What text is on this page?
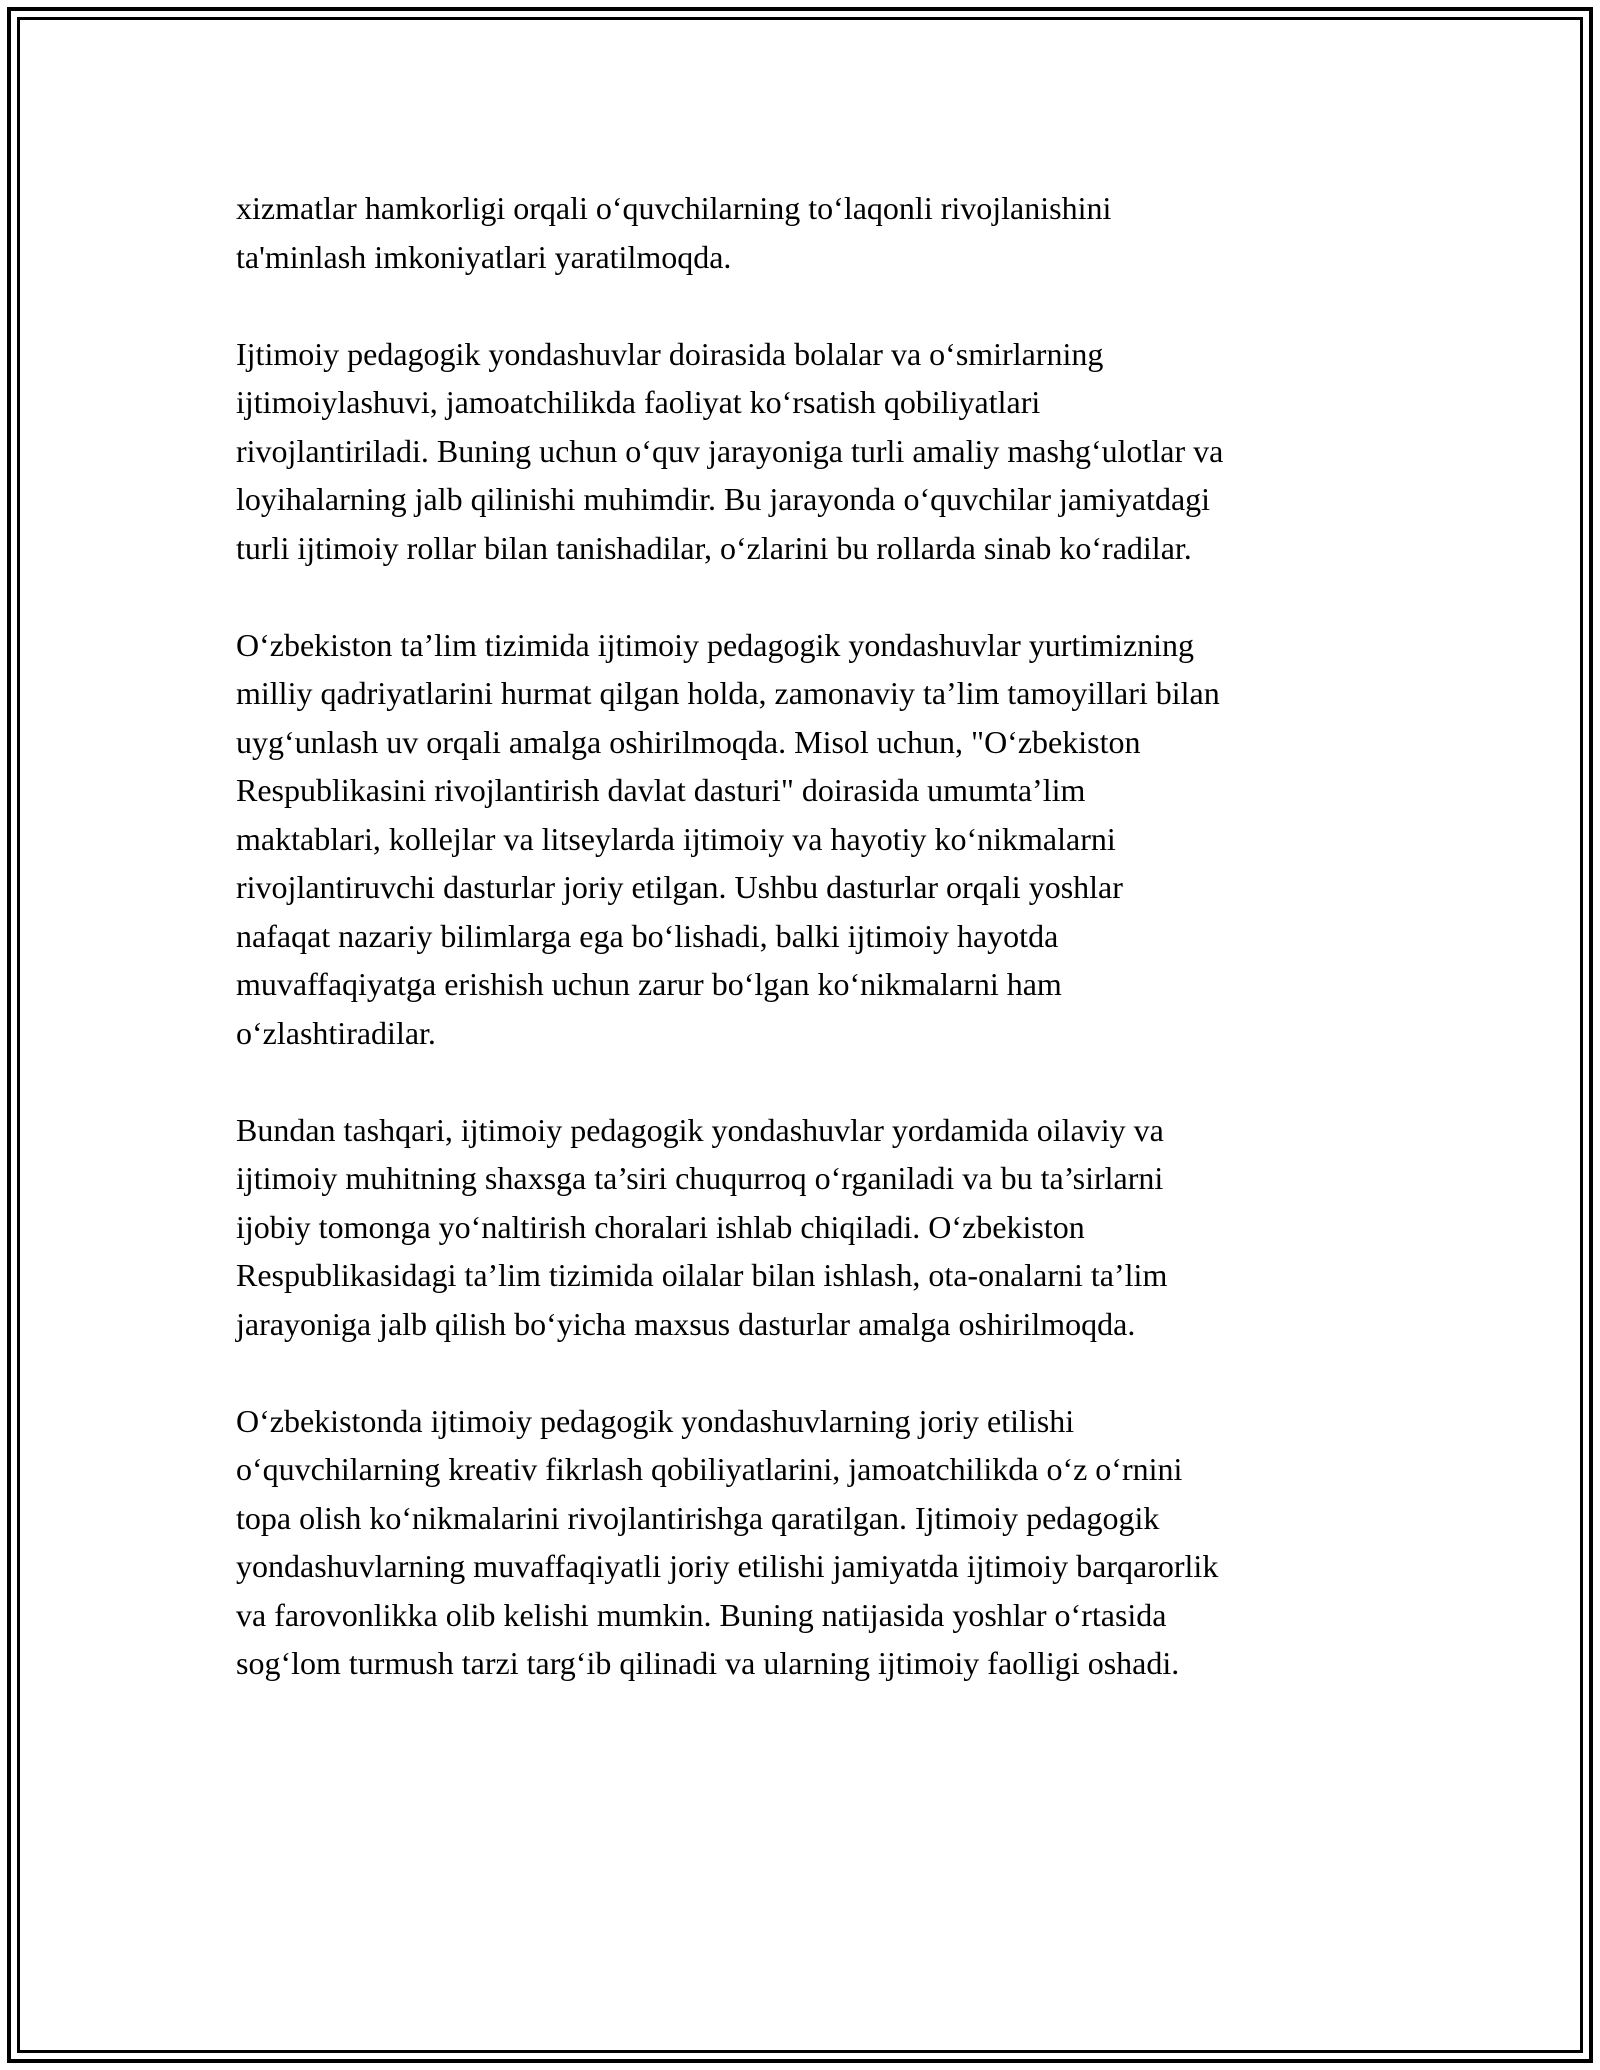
xizmatlar hamkorligi orqali o‘quvchilarning to‘laqonli rivojlanishini
ta'minlash imkoniyatlari yaratilmoqda.

Ijtimoiy pedagogik yondashuvlar doirasida bolalar va o‘smirlarning
ijtimoiylashuvi, jamoatchilikda faoliyat ko‘rsatish qobiliyatlari
rivojlantiriladi. Buning uchun o‘quv jarayoniga turli amaliy mashg‘ulotlar va
loyihalarning jalb qilinishi muhimdir. Bu jarayonda o‘quvchilar jamiyatdagi
turli ijtimoiy rollar bilan tanishadilar, o‘zlarini bu rollarda sinab ko‘radilar.

O‘zbekiston ta’lim tizimida ijtimoiy pedagogik yondashuvlar yurtimizning
milliy qadriyatlarini hurmat qilgan holda, zamonaviy ta’lim tamoyillari bilan
uyg‘unlash uv orqali amalga oshirilmoqda. Misol uchun, "O‘zbekiston
Respublikasini rivojlantirish davlat dasturi" doirasida umumta’lim
maktablari, kollejlar va litseylarda ijtimoiy va hayotiy ko‘nikmalarni
rivojlantiruvchi dasturlar joriy etilgan. Ushbu dasturlar orqali yoshlar
nafaqat nazariy bilimlarga ega bo‘lishadi, balki ijtimoiy hayotda
muvaffaqiyatga erishish uchun zarur bo‘lgan ko‘nikmalarni ham
o‘zlashtiradilar.

Bundan tashqari, ijtimoiy pedagogik yondashuvlar yordamida oilaviy va
ijtimoiy muhitning shaxsga ta’siri chuqurroq o‘rganiladi va bu ta’sirlarni
ijobiy tomonga yo‘naltirish choralari ishlab chiqiladi. O‘zbekiston
Respublikasidagi ta’lim tizimida oilalar bilan ishlash, ota-onalarni ta’lim
jarayoniga jalb qilish bo‘yicha maxsus dasturlar amalga oshirilmoqda.

O‘zbekistonda ijtimoiy pedagogik yondashuvlarning joriy etilishi
o‘quvchilarning kreativ fikrlash qobiliyatlarini, jamoatchilikda o‘z o‘rnini
topa olish ko‘nikmalarini rivojlantirishga qaratilgan. Ijtimoiy pedagogik
yondashuvlarning muvaffaqiyatli joriy etilishi jamiyatda ijtimoiy barqarorlik
va farovonlikka olib kelishi mumkin. Buning natijasida yoshlar o‘rtasida
sog‘lom turmush tarzi targ‘ib qilinadi va ularning ijtimoiy faolligi oshadi.
